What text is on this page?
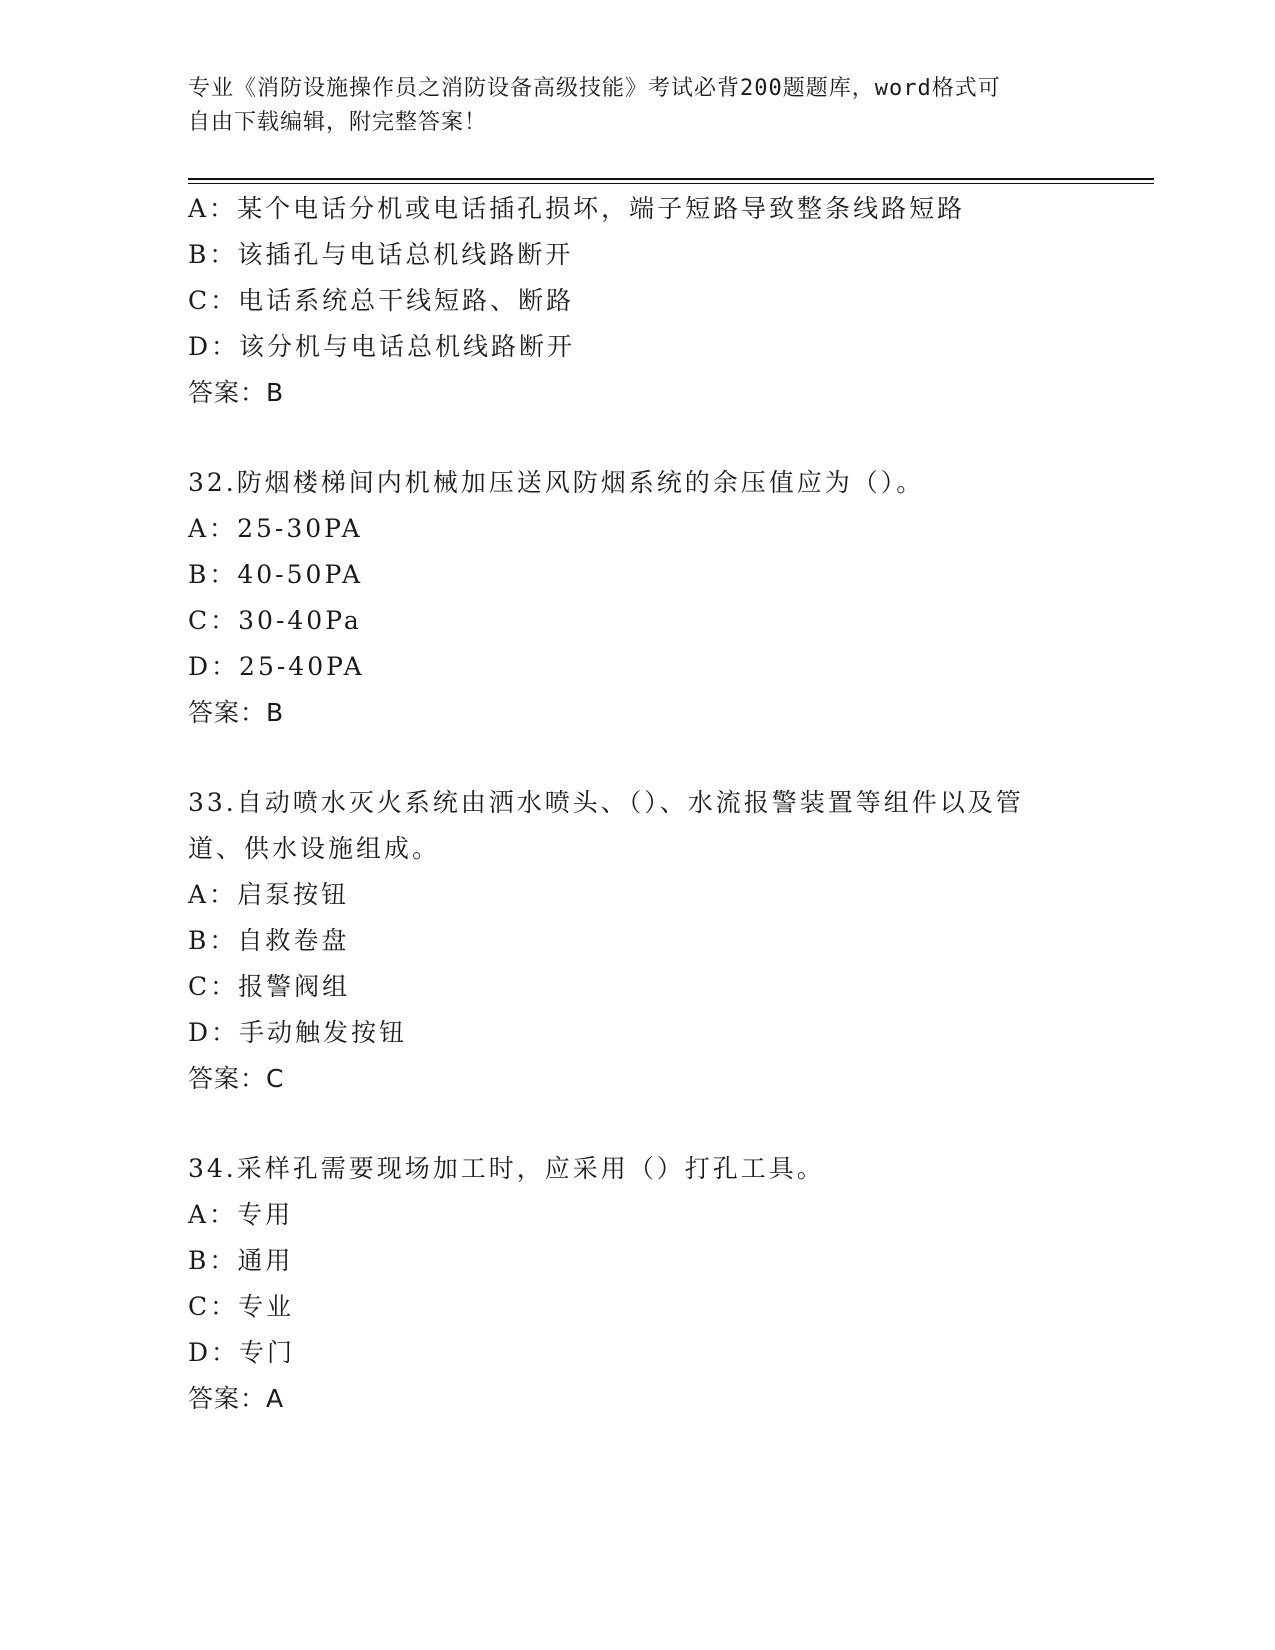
专业《消防设施操作员之消防设备高级技能》考试必背200题题库，word格式可
自由下载编辑，附完整答案！
A：某个电话分机或电话插孔损坏，端子短路导致整条线路短路
B：该插孔与电话总机线路断开
C：电话系统总干线短路、断路
D：该分机与电话总机线路断开
答案：B
32.防烟楼梯间内机械加压送风防烟系统的余压值应为（）。
A：25-30PA
B：40-50PA
C：30-40Pa
D：25-40PA
答案：B
33.自动喷水灭火系统由洒水喷头、（）、水流报警装置等组件以及管
道、供水设施组成。
A：启泵按钮
B：自救卷盘
C：报警阀组
D：手动触发按钮
答案：C
34.采样孔需要现场加工时，应采用（）打孔工具。
A：专用
B：通用
C：专业
D：专门
答案：A
